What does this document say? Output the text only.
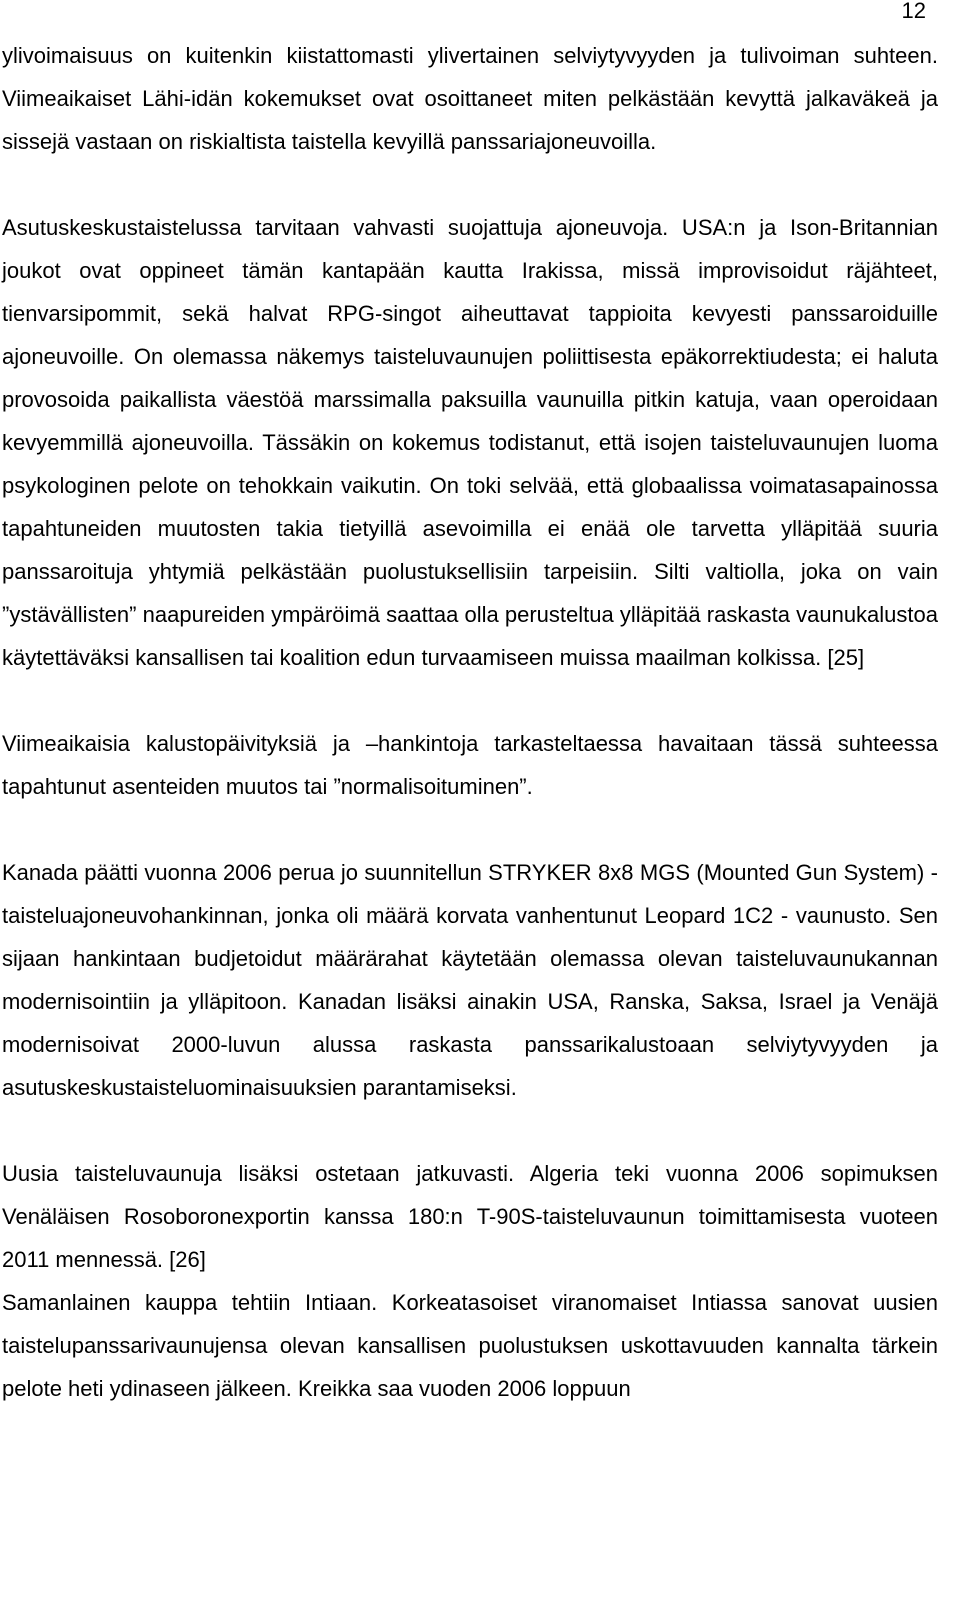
12

ylivoimaisuus on kuitenkin kiistattomasti ylivertainen selviytyvyyden ja tulivoiman suhteen. Viimeaikaiset Lähi-idän kokemukset ovat osoittaneet miten pelkästään kevyttä jalkaväkeä ja sissejä vastaan on riskialtista taistella kevyillä panssariajoneuvoilla.

Asutuskeskustaistelussa tarvitaan vahvasti suojattuja ajoneuvoja. USA:n ja Ison-Britannian joukot ovat oppineet tämän kantapään kautta Irakissa, missä improvisoidut räjähteet, tienvarsipommit, sekä halvat RPG-singot aiheuttavat tappioita kevyesti panssaroiduille ajoneuvoille. On olemassa näkemys taisteluvaunujen poliittisesta epäkorrektiudesta; ei haluta provosoida paikallista väestöä marssimalla paksuilla vaunuilla pitkin katuja, vaan operoidaan kevyemmillä ajoneuvoilla. Tässäkin on kokemus todistanut, että isojen taisteluvaunujen luoma psykologinen pelote on tehokkain vaikutin. On toki selvää, että globaalissa voimatasapainossa tapahtuneiden muutosten takia tietyillä asevoimilla ei enää ole tarvetta ylläpitää suuria panssaroituja yhtymiä pelkästään puolustuksellisiin tarpeisiin. Silti valtiolla, joka on vain ”ystävällisten” naapureiden ympäröimä saattaa olla perusteltua ylläpitää raskasta vaunukalustoa käytettäväksi kansallisen tai koalition edun turvaamiseen muissa maailman kolkissa. [25]

Viimeaikaisia kalustopäivityksiä ja –hankintoja tarkasteltaessa havaitaan tässä suhteessa tapahtunut asenteiden muutos tai ”normalisoituminen”.

Kanada päätti vuonna 2006 perua jo suunnitellun STRYKER 8x8 MGS (Mounted Gun System) - taisteluajoneuvohankinnan, jonka oli määrä korvata vanhentunut Leopard 1C2 - vaunusto. Sen sijaan hankintaan budjetoidut määrärahat käytetään olemassa olevan taisteluvaunukannan modernisointiin ja ylläpitoon. Kanadan lisäksi ainakin USA, Ranska, Saksa, Israel ja Venäjä modernisoivat 2000-luvun alussa raskasta panssarikalustoaan selviytyvyyden ja asutuskeskustaisteluominaisuuksien parantamiseksi.

Uusia taisteluvaunuja lisäksi ostetaan jatkuvasti. Algeria teki vuonna 2006 sopimuksen Venäläisen Rosoboronexportin kanssa 180:n T-90S-taisteluvaunun toimittamisesta vuoteen 2011 mennessä. [26]

Samanlainen kauppa tehtiin Intiaan. Korkeatasoiset viranomaiset Intiassa sanovat uusien taistelupanssarivaunujensa olevan kansallisen puolustuksen uskottavuuden kannalta tärkein pelote heti ydinaseen jälkeen. Kreikka saa vuoden 2006 loppuun
